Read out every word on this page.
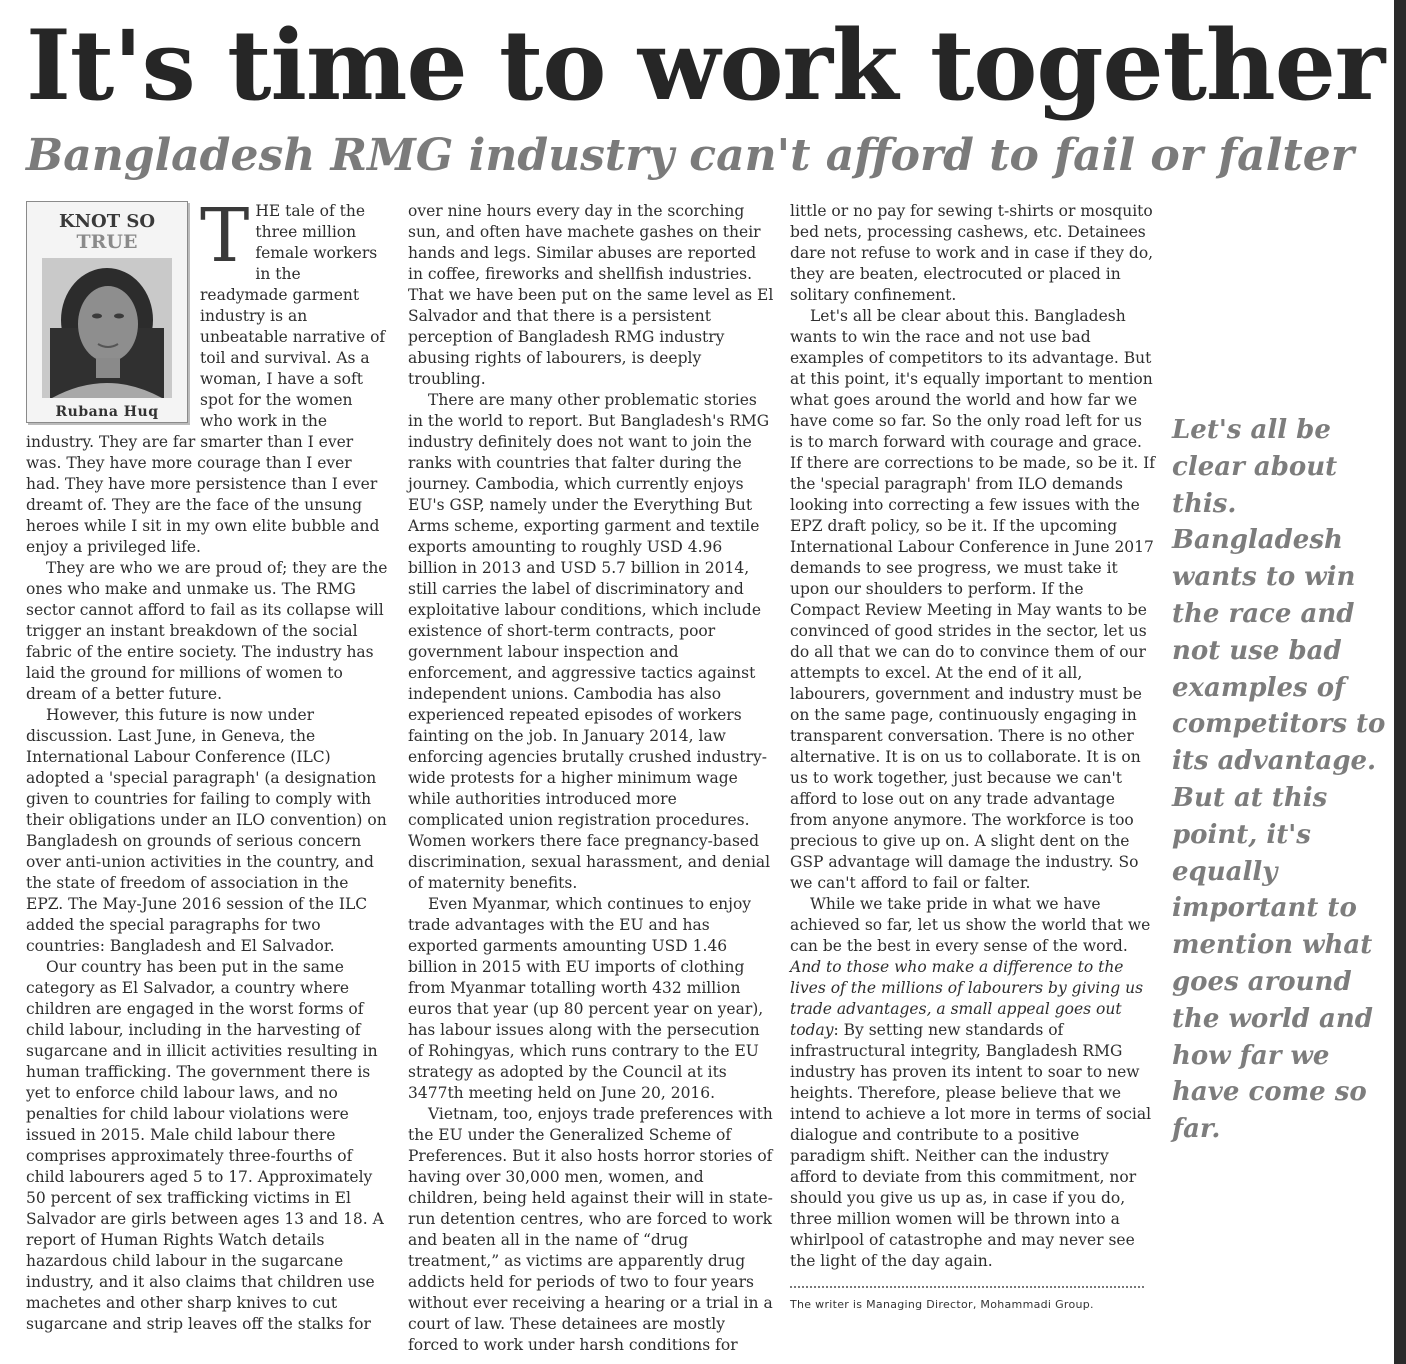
It's time to work together
Bangladesh RMG industry can't afford to fail or falter
KNOT SO
TRUE
Rubana Huq
T HE tale of the three million female workers in the readymade garment industry is an unbeatable narrative of toil and survival. As a woman, I have a soft spot for the women who work in the industry. They are far smarter than I ever was. They have more courage than I ever had. They have more persistence than I ever dreamt of. They are the face of the unsung heroes while I sit in my own elite bubble and enjoy a privileged life.

They are who we are proud of; they are the ones who make and unmake us. The RMG sector cannot afford to fail as its collapse will trigger an instant breakdown of the social fabric of the entire society. The industry has laid the ground for millions of women to dream of a better future.

However, this future is now under discussion. Last June, in Geneva, the International Labour Conference (ILC) adopted a 'special paragraph' (a designation given to countries for failing to comply with their obligations under an ILO convention) on Bangladesh on grounds of serious concern over anti-union activities in the country, and the state of freedom of association in the EPZ. The May-June 2016 session of the ILC added the special paragraphs for two countries: Bangladesh and El Salvador.

Our country has been put in the same category as El Salvador, a country where children are engaged in the worst forms of child labour, including in the harvesting of sugarcane and in illicit activities resulting in human trafficking. The government there is yet to enforce child labour laws, and no penalties for child labour violations were issued in 2015. Male child labour there comprises approximately three-fourths of child labourers aged 5 to 17. Approximately 50 percent of sex trafficking victims in El Salvador are girls between ages 13 and 18. A report of Human Rights Watch details hazardous child labour in the sugarcane industry, and it also claims that children use machetes and other sharp knives to cut sugarcane and strip leaves off the stalks for

over nine hours every day in the scorching sun, and often have machete gashes on their hands and legs. Similar abuses are reported in coffee, fireworks and shellfish industries. That we have been put on the same level as El Salvador and that there is a persistent perception of Bangladesh RMG industry abusing rights of labourers, is deeply troubling.

There are many other problematic stories in the world to report. But Bangladesh's RMG industry definitely does not want to join the ranks with countries that falter during the journey. Cambodia, which currently enjoys EU's GSP, namely under the Everything But Arms scheme, exporting garment and textile exports amounting to roughly USD 4.96 billion in 2013 and USD 5.7 billion in 2014, still carries the label of discriminatory and exploitative labour conditions, which include existence of short-term contracts, poor government labour inspection and enforcement, and aggressive tactics against independent unions. Cambodia has also experienced repeated episodes of workers fainting on the job. In January 2014, law enforcing agencies brutally crushed industry-wide protests for a higher minimum wage while authorities introduced more complicated union registration procedures. Women workers there face pregnancy-based discrimination, sexual harassment, and denial of maternity benefits.

Even Myanmar, which continues to enjoy trade advantages with the EU and has exported garments amounting USD 1.46 billion in 2015 with EU imports of clothing from Myanmar totalling worth 432 million euros that year (up 80 percent year on year), has labour issues along with the persecution of Rohingyas, which runs contrary to the EU strategy as adopted by the Council at its 3477th meeting held on June 20, 2016.

Vietnam, too, enjoys trade preferences with the EU under the Generalized Scheme of Preferences. But it also hosts horror stories of having over 30,000 men, women, and children, being held against their will in state-run detention centres, who are forced to work and beaten all in the name of “drug treatment,” as victims are apparently drug addicts held for periods of two to four years without ever receiving a hearing or a trial in a court of law. These detainees are mostly forced to work under harsh conditions for

little or no pay for sewing t-shirts or mosquito bed nets, processing cashews, etc. Detainees dare not refuse to work and in case if they do, they are beaten, electrocuted or placed in solitary confinement.

Let's all be clear about this. Bangladesh wants to win the race and not use bad examples of competitors to its advantage. But at this point, it's equally important to mention what goes around the world and how far we have come so far. So the only road left for us is to march forward with courage and grace. If there are corrections to be made, so be it. If the 'special paragraph' from ILO demands looking into correcting a few issues with the EPZ draft policy, so be it. If the upcoming International Labour Conference in June 2017 demands to see progress, we must take it upon our shoulders to perform. If the Compact Review Meeting in May wants to be convinced of good strides in the sector, let us do all that we can do to convince them of our attempts to excel. At the end of it all, labourers, government and industry must be on the same page, continuously engaging in transparent conversation. There is no other alternative. It is on us to collaborate. It is on us to work together, just because we can't afford to lose out on any trade advantage from anyone anymore. The workforce is too precious to give up on. A slight dent on the GSP advantage will damage the industry. So we can't afford to fail or falter.

While we take pride in what we have achieved so far, let us show the world that we can be the best in every sense of the word. And to those who make a difference to the lives of the millions of labourers by giving us trade advantages, a small appeal goes out today: By setting new standards of infrastructural integrity, Bangladesh RMG industry has proven its intent to soar to new heights. Therefore, please believe that we intend to achieve a lot more in terms of social dialogue and contribute to a positive paradigm shift. Neither can the industry afford to deviate from this commitment, nor should you give us up as, in case if you do, three million women will be thrown into a whirlpool of catastrophe and may never see the light of the day again.

The writer is Managing Director, Mohammadi Group.

Let's all be clear about this. Bangladesh wants to win the race and not use bad examples of competitors to its advantage. But at this point, it's equally important to mention what goes around the world and how far we have come so far.
